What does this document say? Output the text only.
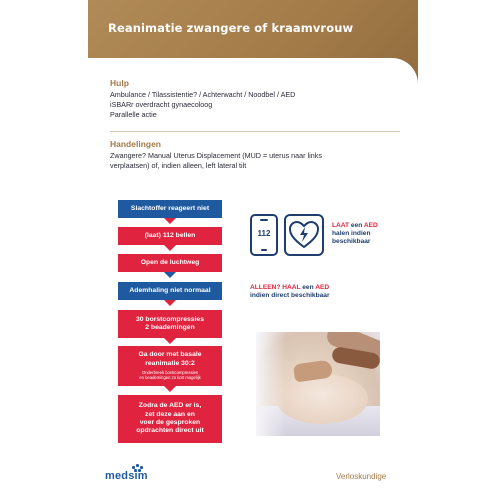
Reanimatie zwangere of kraamvrouw
Hulp
Ambulance / Tilassistentie? / Achterwacht / Noodbel / AED
iSBARr overdracht gynaecoloog
Parallelle actie
Handelingen
Zwangere? Manual Uterus Displacement (MUD = uterus naar links
verplaatsen) of, indien alleen, left lateral tilt
Slachtoffer reageert niet
(laat) 112 bellen
Open de luchtweg
Ademhaling niet normaal
30 borstcompressies
2 beademingen
Ga door met basale
reanimatie 30:2
Onderbreek borstcompressies
en beademingen zo kort mogelijk
Zodra de AED er is,
zet deze aan en
voer de gesproken
opdrachten direct uit
112
LAAT een AED
halen indien
beschikbaar
ALLEEN? HAAL een AED
indien direct beschikbaar
medsim	Verloskundige
